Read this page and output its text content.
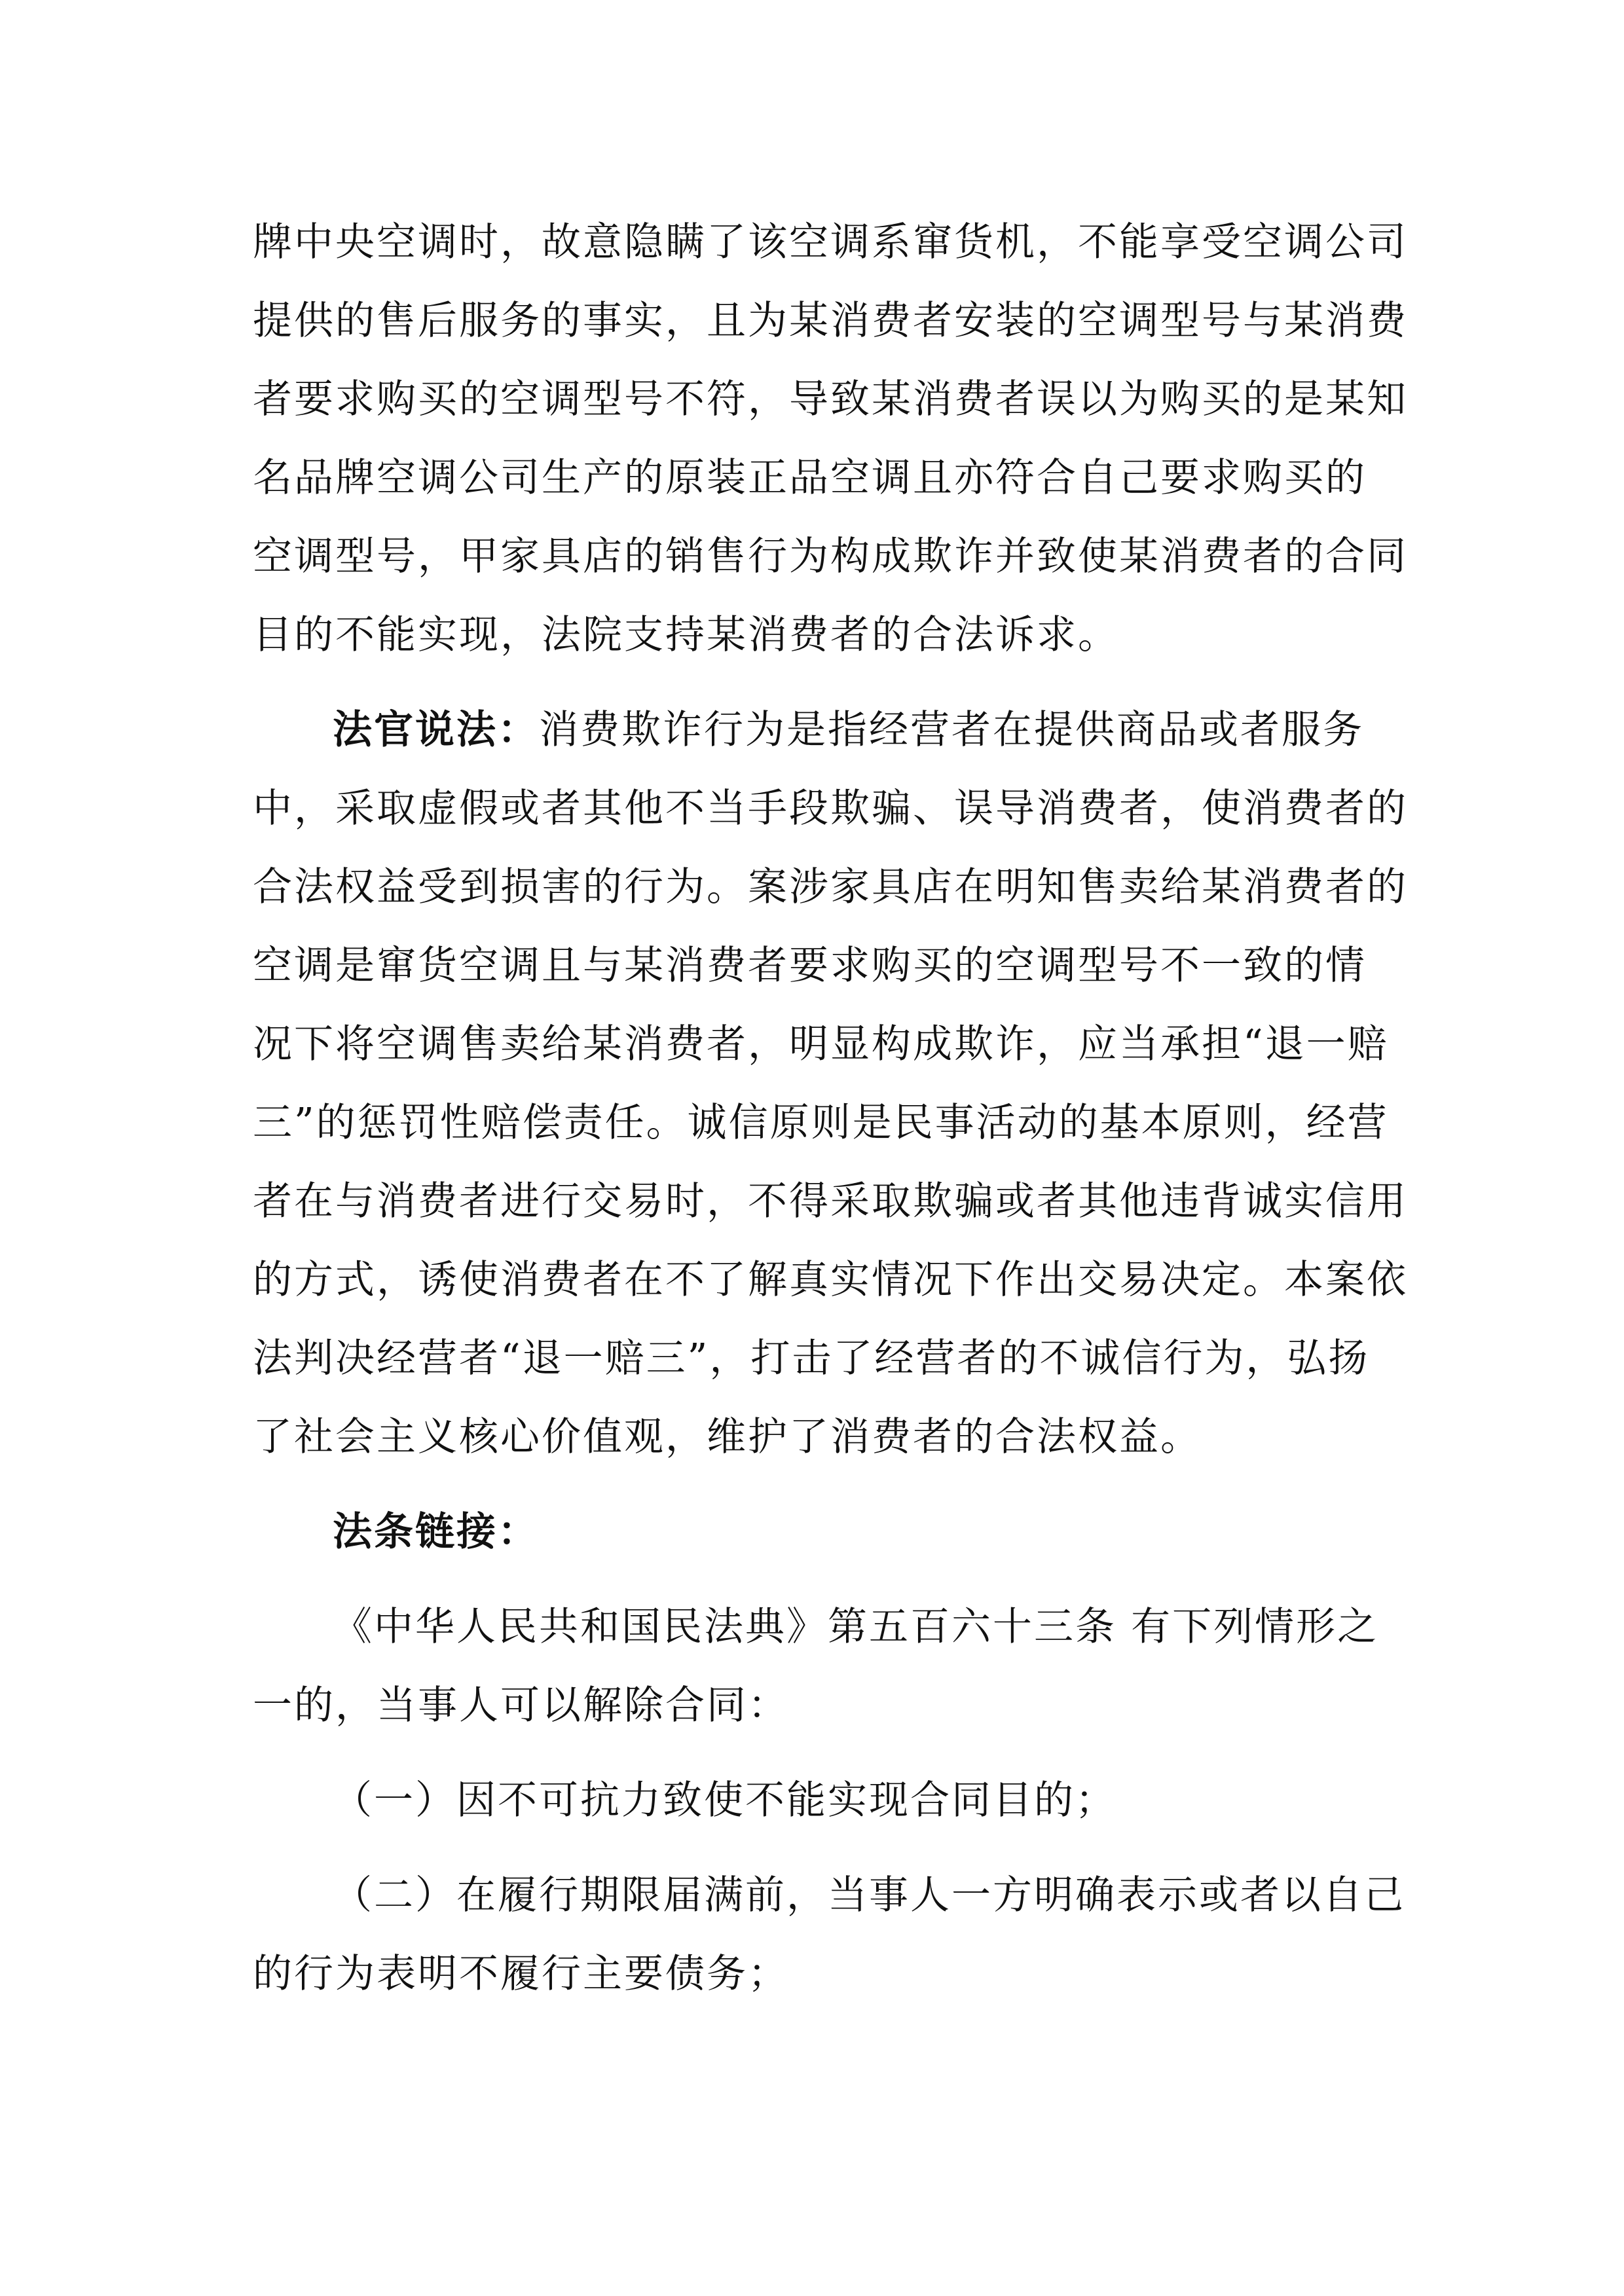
牌中央空调时，故意隐瞒了该空调系窜货机，不能享受空调公司
提供的售后服务的事实，且为某消费者安装的空调型号与某消费
者要求购买的空调型号不符，导致某消费者误以为购买的是某知
名品牌空调公司生产的原装正品空调且亦符合自己要求购买的
空调型号，甲家具店的销售行为构成欺诈并致使某消费者的合同
目的不能实现，法院支持某消费者的合法诉求。
法官说法：消费欺诈行为是指经营者在提供商品或者服务
中，采取虚假或者其他不当手段欺骗、误导消费者，使消费者的
合法权益受到损害的行为。案涉家具店在明知售卖给某消费者的
空调是窜货空调且与某消费者要求购买的空调型号不一致的情
况下将空调售卖给某消费者，明显构成欺诈，应当承担“退一赔
三”的惩罚性赔偿责任。诚信原则是民事活动的基本原则，经营
者在与消费者进行交易时，不得采取欺骗或者其他违背诚实信用
的方式，诱使消费者在不了解真实情况下作出交易决定。本案依
法判决经营者“退一赔三”，打击了经营者的不诚信行为，弘扬
了社会主义核心价值观，维护了消费者的合法权益。
法条链接：
《中华人民共和国民法典》第五百六十三条 有下列情形之
一的，当事人可以解除合同：
（一）因不可抗力致使不能实现合同目的；
（二）在履行期限届满前，当事人一方明确表示或者以自己
的行为表明不履行主要债务；
